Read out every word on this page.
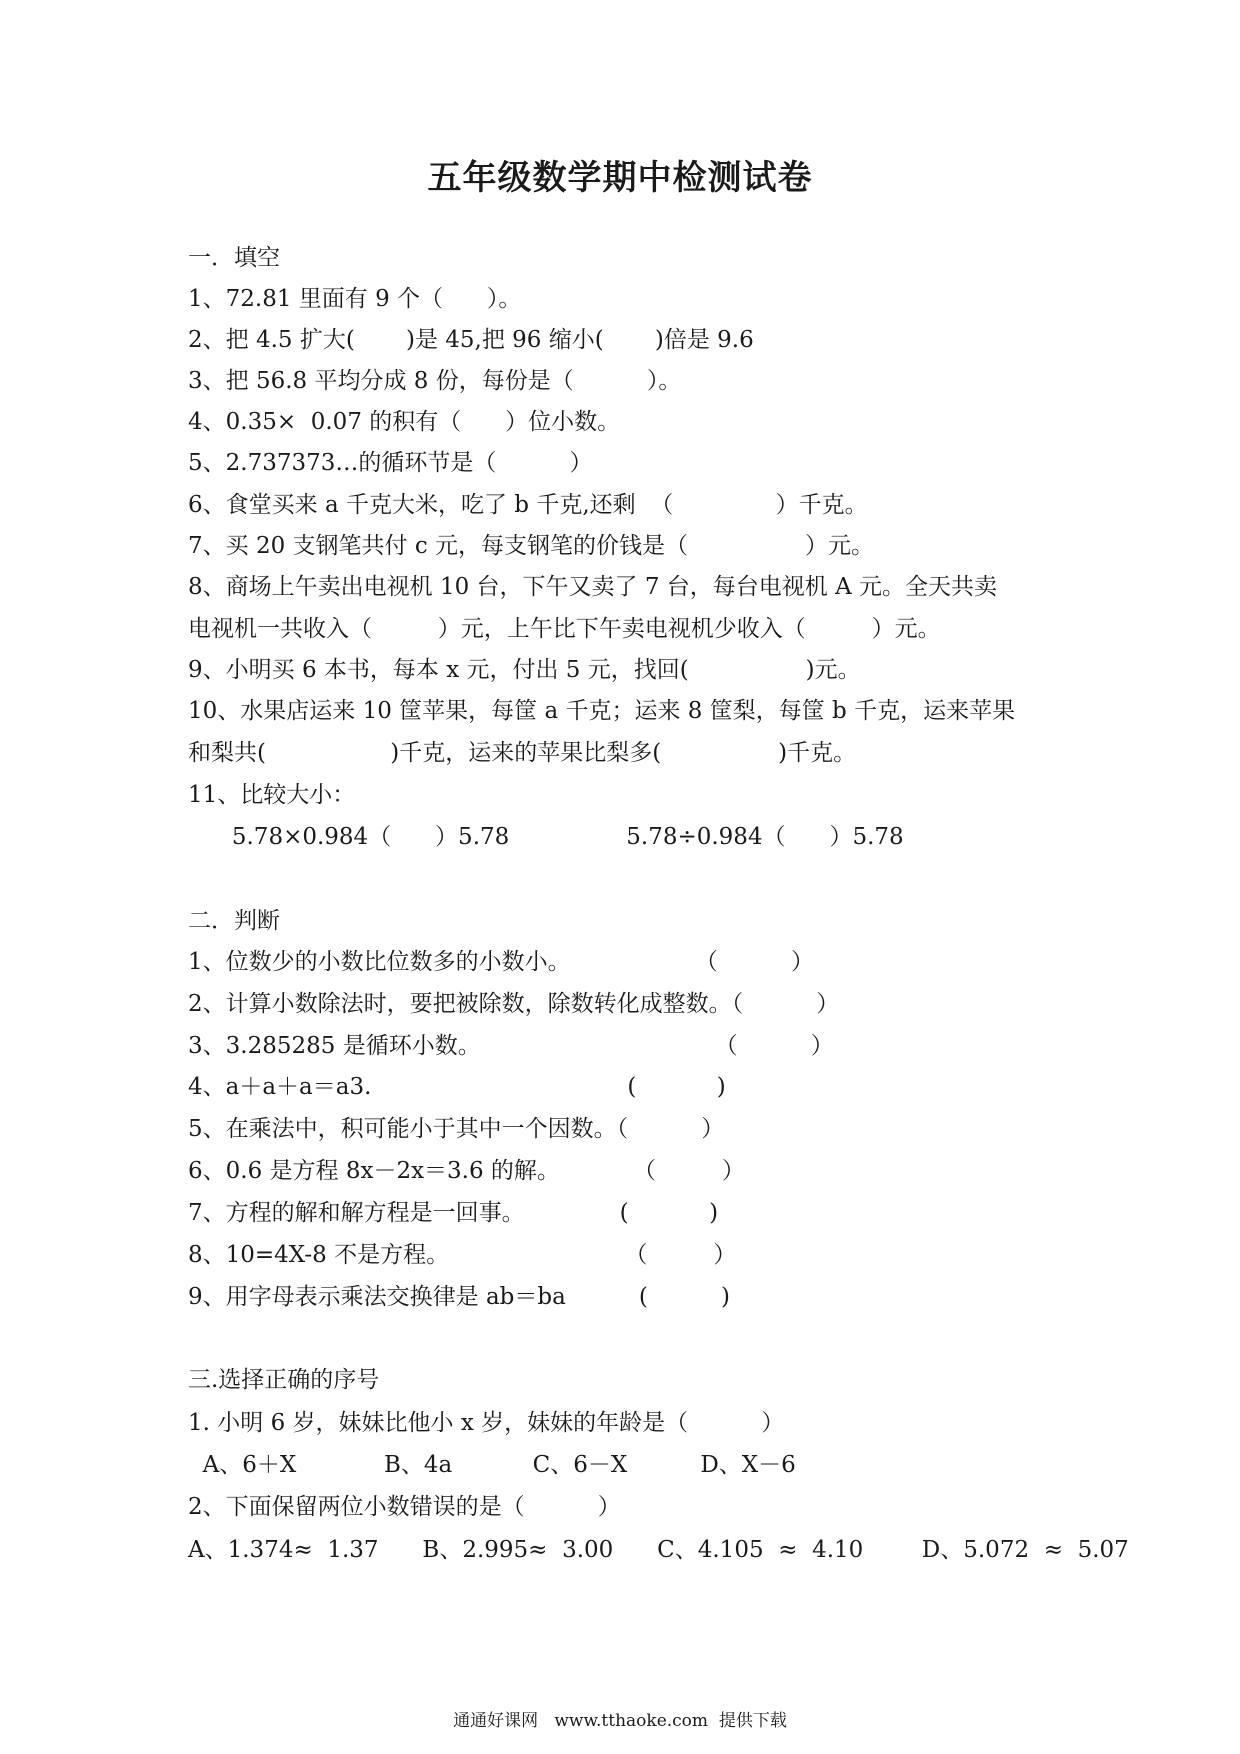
五年级数学期中检测试卷
一．填空
1、72.81 里面有 9 个（      ）。
2、把 4.5 扩大(       )是 45,把 96 缩小(       )倍是 9.6
3、把 56.8 平均分成 8 份，每份是（          ）。
4、0.35×  0.07 的积有（      ）位小数。
5、2.737373…的循环节是（          ）
6、食堂买来 a 千克大米，吃了 b 千克,还剩  （              ）千克。
7、买 20 支钢笔共付 c 元，每支钢笔的价钱是（                ）元。
8、商场上午卖出电视机 10 台，下午又卖了 7 台，每台电视机 A 元。全天共卖
电视机一共收入（         ）元，上午比下午卖电视机少收入（         ）元。
9、小明买 6 本书，每本 x 元，付出 5 元，找回(                )元。
10、水果店运来 10 筐苹果，每筐 a 千克；运来 8 筐梨，每筐 b 千克，运来苹果
和梨共(                 )千克，运来的苹果比梨多(                )千克。
11、比较大小：
5.78×0.984（      ）5.78                5.78÷0.984（      ）5.78
二．判断
1、位数少的小数比位数多的小数小。                 （          ）
2、计算小数除法时，要把被除数，除数转化成整数。（          ）
3、3.285285 是循环小数。                                （          ）
4、a＋a＋a＝a3.                                   (           )
5、在乘法中，积可能小于其中一个因数。（          ）
6、0.6 是方程 8x－2x＝3.6 的解。          （         ）
7、方程的解和解方程是一回事。             (           )
8、10=4X-8 不是方程。                        （         ）
9、用字母表示乘法交换律是 ab＝ba          (          )
三.选择正确的序号
1. 小明 6 岁，妹妹比他小 x 岁，妹妹的年龄是（          ）
A、6＋X            B、4a           C、6－X          D、X－6
2、下面保留两位小数错误的是（          ）
A、1.374≈  1.37      B、2.995≈  3.00      C、4.105  ≈  4.10        D、5.072  ≈  5.07
通通好课网   www.tthaoke.com  提供下载
